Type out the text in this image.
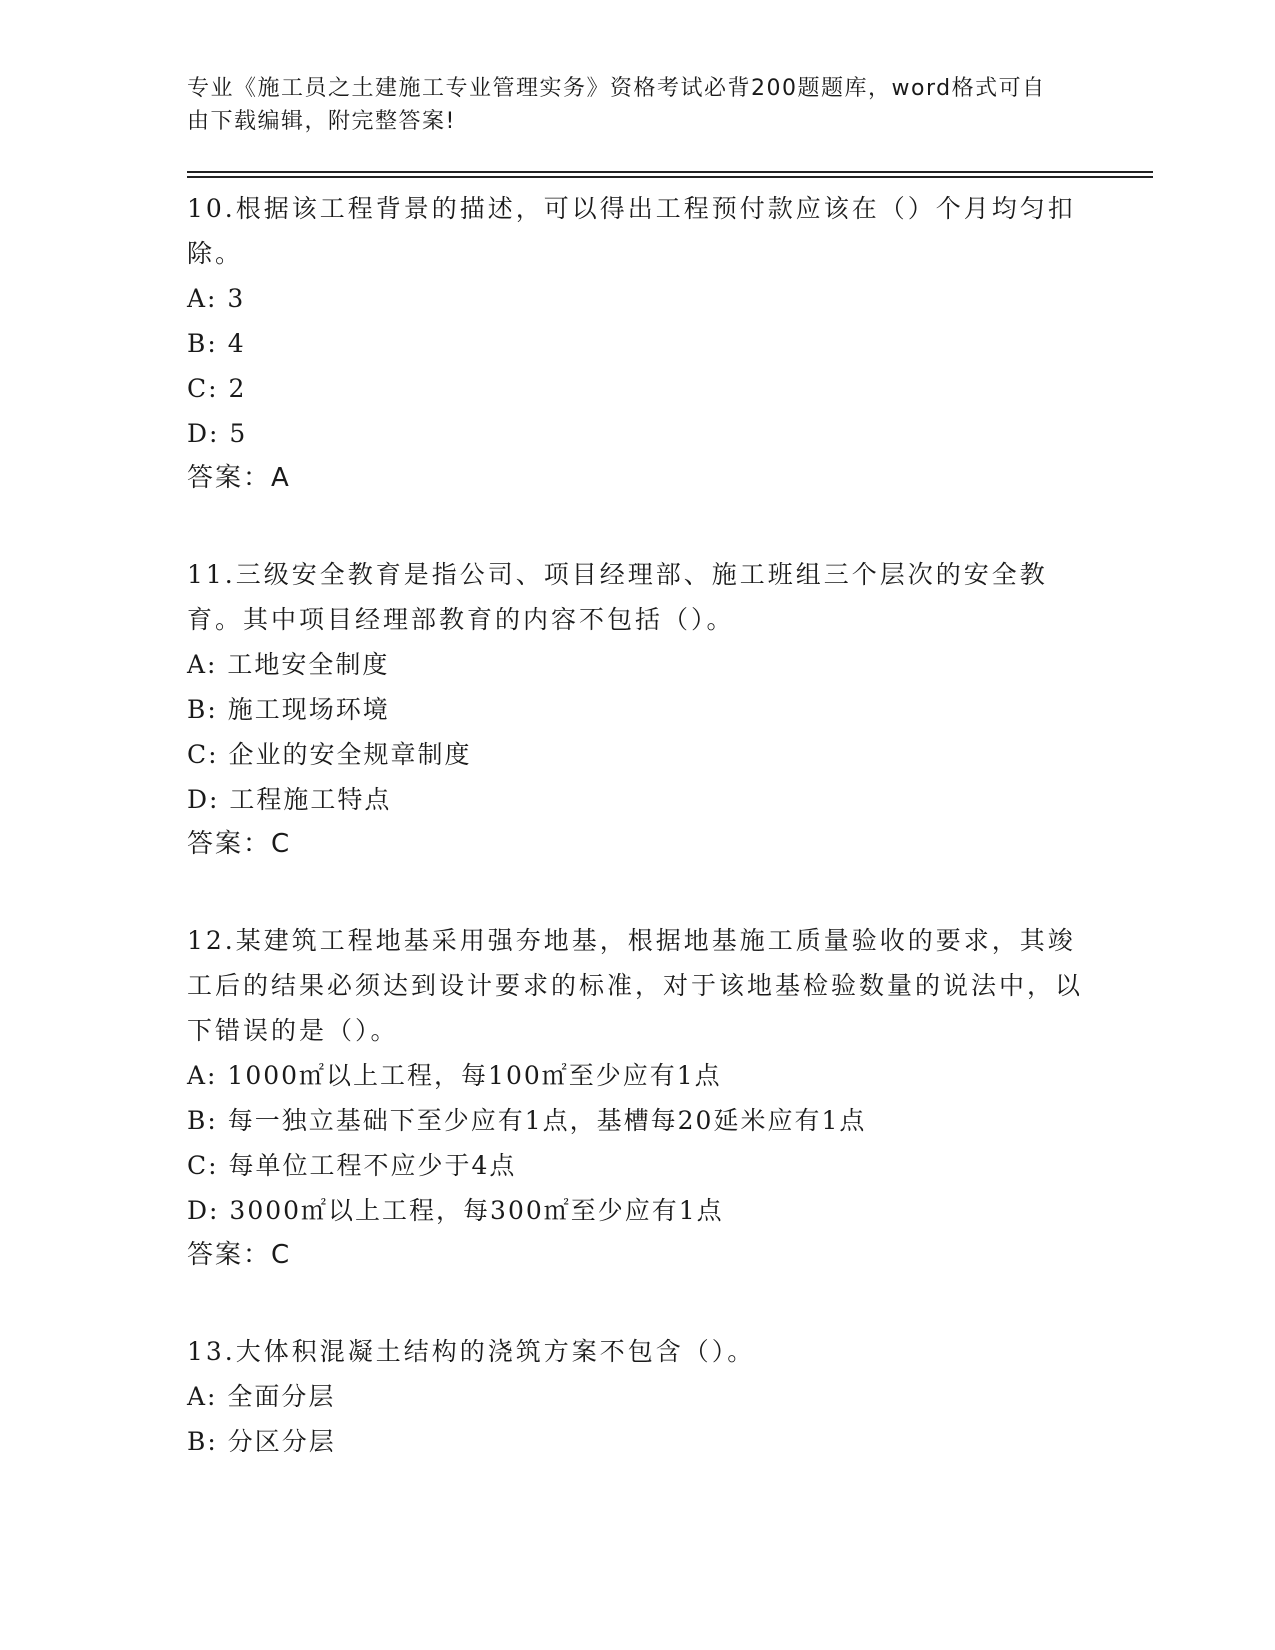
专业《施工员之土建施工专业管理实务》资格考试必背200题题库，word格式可自由下载编辑，附完整答案!
10.根据该工程背景的描述，可以得出工程预付款应该在（）个月均匀扣除。
A: 3
B: 4
C: 2
D: 5
答案：A
11.三级安全教育是指公司、项目经理部、施工班组三个层次的安全教育。其中项目经理部教育的内容不包括（）。
A: 工地安全制度
B: 施工现场环境
C: 企业的安全规章制度
D: 工程施工特点
答案：C
12.某建筑工程地基采用强夯地基，根据地基施工质量验收的要求，其竣工后的结果必须达到设计要求的标准，对于该地基检验数量的说法中，以下错误的是（）。
A: 1000㎡以上工程，每100㎡至少应有1点
B: 每一独立基础下至少应有1点，基槽每20延米应有1点
C: 每单位工程不应少于4点
D: 3000㎡以上工程，每300㎡至少应有1点
答案：C
13.大体积混凝土结构的浇筑方案不包含（）。
A: 全面分层
B: 分区分层
